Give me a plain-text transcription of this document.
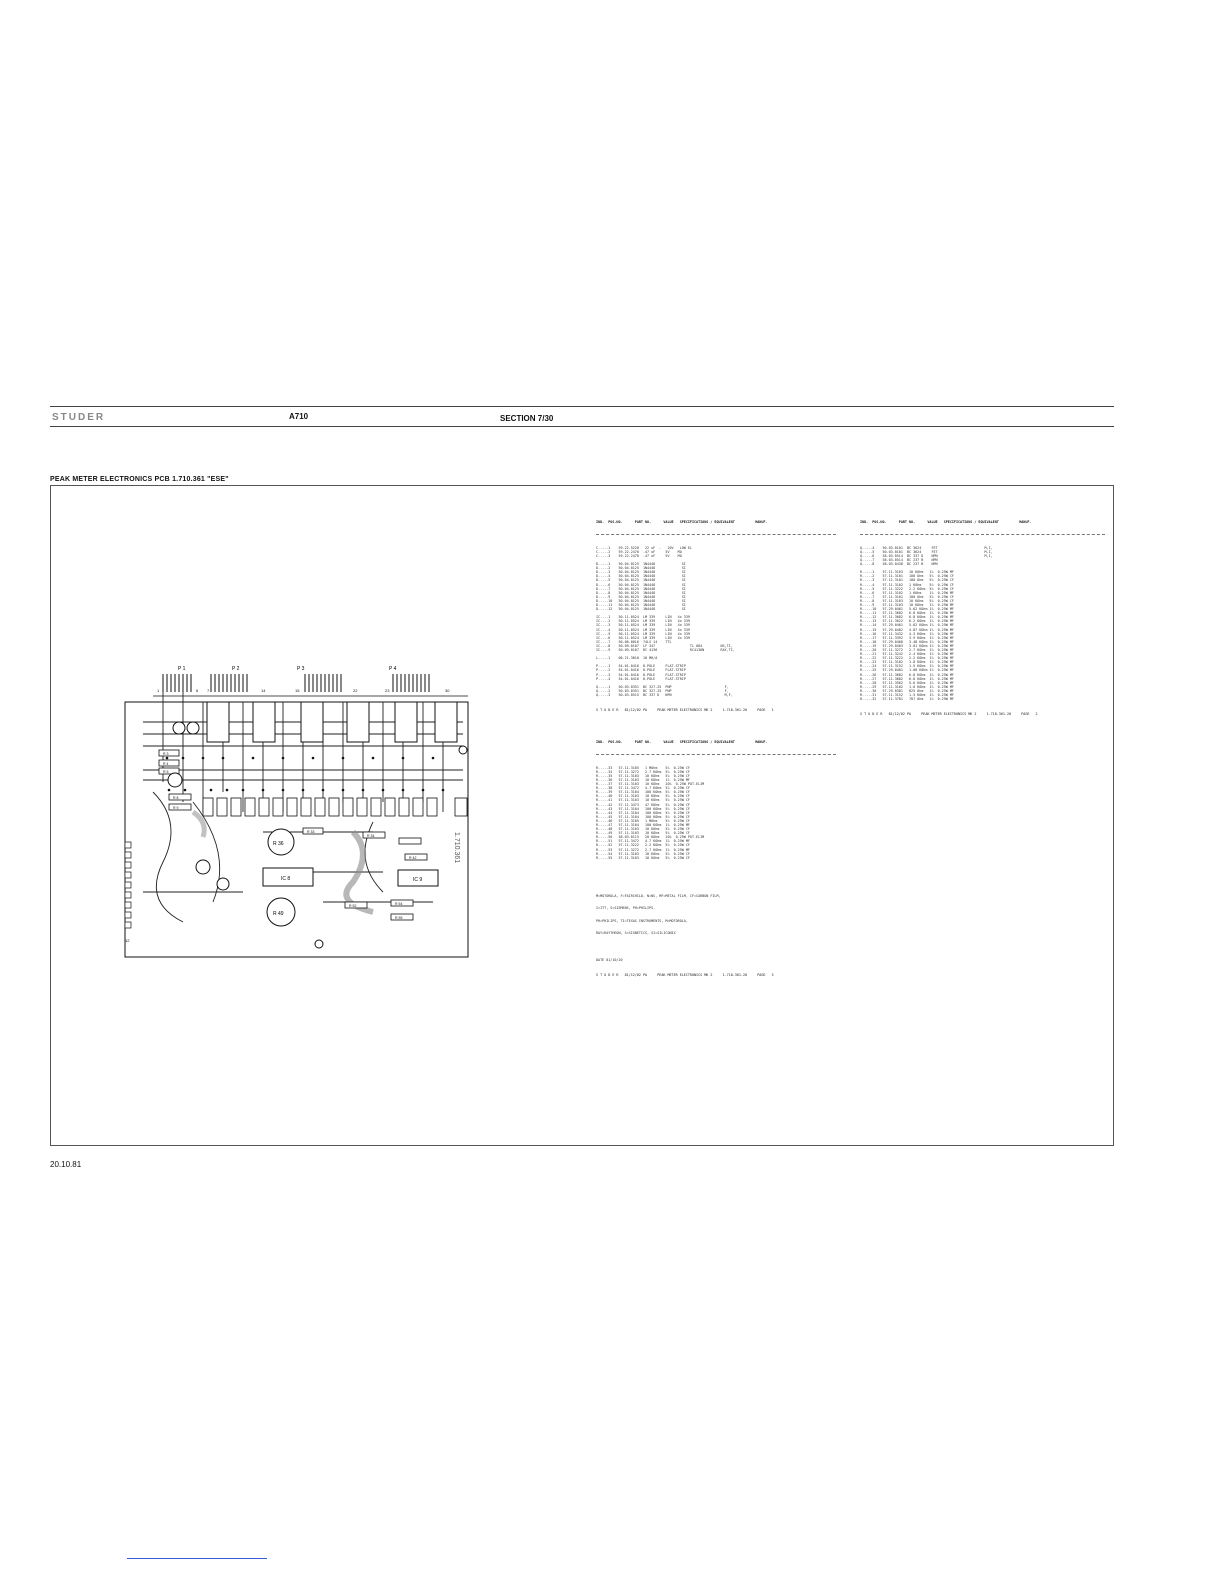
STUDER	A710	SECTION 7/30
PEAK METER ELECTRONICS PCB 1.710.361 "ESE"
P 1	P 2	P 3	P 4
1	6 7	14	15	22	23	30
R 3
R 4
R 5
R 8
R 9
R 36
R 49
IC 8	IC 9
R 33
R 34
R 42
R 52	R 54
R 55
12
1.710.361

IND.  POS.NO.      PART NO.      VALUE   SPECIFICATIONS / EQUIVALENT          MANUF.

C.....1    59.22.5220   22 uF  -   20V   LOW EL
C.....2    59.22.2470  .47 uF     5V    MO
C.....3    59.22.2470  .47 uF     5V    MO

D.....1    50.04.0125  1N4448             SI
D.....2    50.04.0125  1N4448             SI
D.....3    50.04.0125  1N4448             SI
D.....4    50.04.0125  1N4448             SI
D.....5    50.04.0125  1N4448             SI
D.....6    50.04.0125  1N4448             SI
D.....7    50.04.0125  1N4448             SI
D.....8    50.04.0125  1N4448             SI
D.....9    50.04.0125  1N4448             SI
D.....10   50.04.0125  1N4448             SI
D.....11   50.04.0125  1N4448             SI
D.....12   50.04.0125  1N4448             SI

IC....1    50.11.0524  LM 339     LIN   4x 339
IC....2    50.11.0524  LM 339     LIN   4x 339
IC....3    50.11.0524  LM 339     LIN   4x 339
IC....4    50.11.0524  LM 339     LIN   4x 339
IC....5    50.11.0524  LM 339     LIN   4x 339
IC....6    50.11.0524  LM 339     LIN   4x 339
IC....7    50.06.0016  74LS 14    TTL
IC....8    50.09.0107  LF 347                 TL 084         NS,TI,
IC....9    50.09.0107  RC 4136                RC4136N        RAY,TI,

L.....1    06.21.3010  10 MH/A

P.....1    54.01.0416  8-POLE     FLAT-STRIP
P.....2    54.01.0416  8-POLE     FLAT-STRIP
P.....3    54.01.0416  8-POLE     FLAT-STRIP
P.....4    54.01.0416  8-POLE     FLAT-STRIP

Q.....1    50.03.0351  BC 327-25  PNP                          F,
Q.....2    50.03.0351  BC 327-25  PNP                          F,
Q.....3    50.03.0515  BC 337 D   NPN                          M,F,

S T U D E R   81/12/02 PA     PEAK METER ELECTRONICS MK 2     1.710.361.20     PAGE   1

IND.  POS.NO.      PART NO.      VALUE   SPECIFICATIONS / EQUIVALENT          MANUF.

Q.....4    50.03.0101  BC 3624     FET                       M,I,
Q.....5    50.03.0101  BC 3624     FET                       M,I,
Q.....6    58.03.0514  BC 337 D    NPN                       M,I,
Q.....7    58.03.0514  BC 237 B    NPN
Q.....8    58.03.0438  BC 237 B    NPN

R.....1    57.11.3103   10 KOhm   1%  0.25W MF
R.....2    57.11.3101   100 Ohm   5%  0.25W CF
R.....3    57.11.3101   100 Ohm   5%  0.25W CF
R.....4    57.11.3102   1 KOhm    5%  0.25W CF
R.....5    57.11.3222   2.2 KOhm  5%  0.25W CF
R.....6    57.11.3102   1 KOhm    1%  0.25W MF
R.....7    57.11.3101   100 Ohm   5%  0.25W CF
R.....8    57.11.3103   10 KOhm   5%  0.25W CF
R.....9    57.11.3103   10 KOhm   1%  0.25W MF
R.....10   57.29.0461   5.62 KOhm 1%  0.25W MF
R.....11   57.11.3682   6.8 KOhm  1%  0.25W MF
R.....12   57.11.3682   6.8 KOhm  1%  0.25W MF
R.....13   57.11.3622   6.2 KOhm  1%  0.25W MF
R.....14   57.29.0461   5.62 KOhm 1%  0.25W MF
R.....15   57.29.0482   4.87 KOhm 1%  0.25W MF
R.....16   57.11.3432   4.3 KOhm  1%  0.25W MF
R.....17   57.11.3392   3.9 KOhm  1%  0.25W MF
R.....18   57.29.0468   3.48 KOhm 1%  0.25W MF
R.....19   57.29.0403   3.01 KOhm 1%  0.25W MF
R.....20   57.11.3272   2.7 KOhm  1%  0.25W MF
R.....21   57.11.3242   2.4 KOhm  1%  0.25W MF
R.....22   57.11.3222   2.2 KOhm  1%  0.25W MF
R.....23   57.11.3182   1.8 KOhm  1%  0.25W MF
R.....24   57.11.3152   1.5 KOhm  1%  0.25W MF
R.....25   57.29.0401   1.00 KOhm 1%  0.25W MF
R.....26   57.11.3682   6.8 KOhm  1%  0.25W MF
R.....27   57.11.3682   6.8 KOhm  1%  0.25W MF
R.....28   57.11.3562   5.6 KOhm  1%  0.25W MF
R.....29   57.11.3102   1.0 KOhm  1%  0.25W MF
R.....30   57.29.0381   825 Ohm   1%  0.25W MF
R.....31   57.11.3152   1.5 KOhm  1%  0.25W MF
R.....32   57.11.3781   787 Ohm   1%  0.25W MF

S T U D E R   81/12/02 PA     PEAK METER ELECTRONICS MK 2     1.710.361.20     PAGE   2

IND.  POS.NO.      PART NO.      VALUE   SPECIFICATIONS / EQUIVALENT          MANUF.

R.....33   57.11.3105   1 MOhm    5%  0.25W CF
R.....34   57.11.3272   2.7 KOhm  5%  0.25W CF
R.....35   57.11.3103   10 KOhm   5%  0.25W CF
R.....36   57.11.3103   10 KOhm   1%  0.25W MF
R.....37   57.11.3103   10 KOhm   20%  0.25W POT.ELIM
R.....38   57.11.3472   4.7 KOhm  5%  0.25W CF
R.....39   57.11.3104   100 KOhm  5%  0.25W CF
R.....40   57.11.3103   10 KOhm   5%  0.25W CF
R.....41   57.11.3103   10 KOhm   5%  0.25W CF
R.....42   57.11.3473   47 KOhm   5%  0.25W CF
R.....43   57.11.3104   100 KOhm  5%  0.25W CF
R.....44   57.11.3104   100 KOhm  5%  0.25W CF
R.....45   57.11.3104   100 KOhm  5%  0.25W CF
R.....46   57.11.3105   1 MOhm    5%  0.25W CF
R.....47   57.11.3104   100 KOhm  1%  0.25W MF
R.....48   57.11.3103   10 KOhm   5%  0.25W CF
R.....49   57.11.3103   10 KOhm   5%  0.25W CF
R.....50   58.03.0115   20 KOhm   20%  0.25W POT.ELIM
R.....51   57.11.3472   4.7 KOhm  1%  0.25W MF
R.....52   57.11.3222   2.2 KOhm  5%  0.25W CF
R.....53   57.11.3272   2.7 KOhm  1%  0.25W MF
R.....54   57.11.3103   10 KOhm   5%  0.25W CF
R.....55   57.11.3103   10 KOhm   5%  0.25W CF

M=MOTOROLA, F=FAIRCHILD, N=NS, MF=METAL FILM, CF=CARBON FILM,

I=ITT, S=SIEMENS, PH=PHILIPS,

PH=PHILIPS, TI=TEXAS INSTRUMENTS, M=MOTOROLA,

RAY=RAYTHEON, S=SIGNETICS, SI=SILICONIX

DATE 81/10/20

S T U D E R   81/12/02 PA     PEAK METER ELECTRONICS MK 2     1.710.361.20     PAGE   3

20.10.81
